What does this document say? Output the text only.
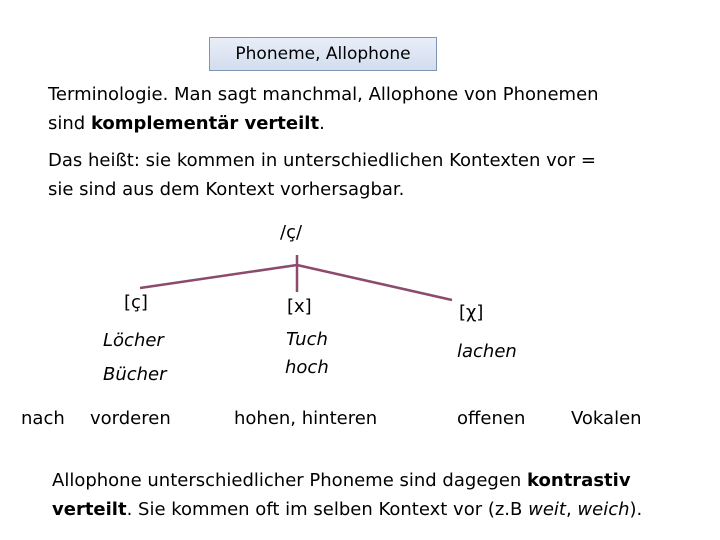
Phoneme, Allophone
Terminologie. Man sagt manchmal, Allophone von Phonemen
sind komplementär verteilt.
Das heißt: sie kommen in unterschiedlichen Kontexten vor =
sie sind aus dem Kontext vorhersagbar.
/ç/
[ç]
Löcher
Bücher
[x]
Tuch
hoch
[χ]
lachen
nach vorderen	hohen, hinteren	offenen	Vokalen
Allophone unterschiedlicher Phoneme sind dagegen kontrastiv
verteilt. Sie kommen oft im selben Kontext vor (z.B weit, weich).
